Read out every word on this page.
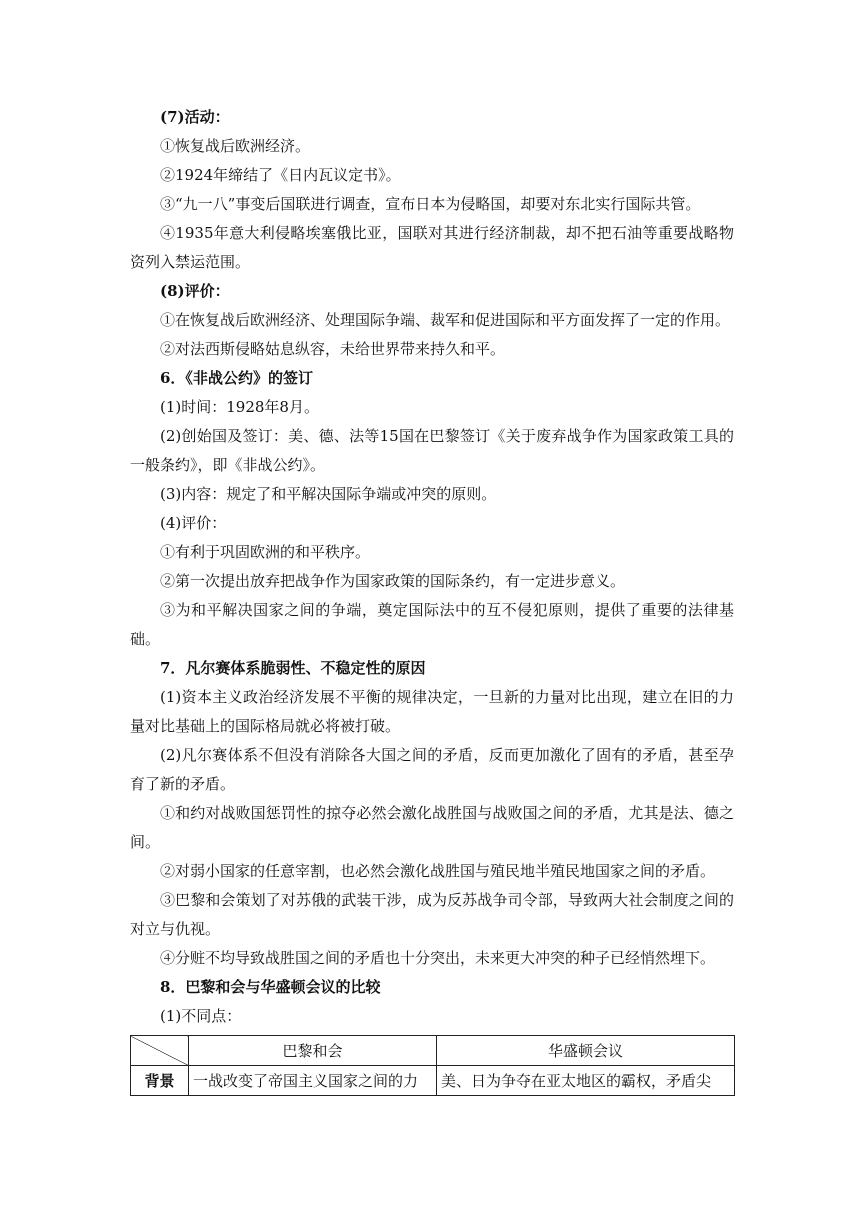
(7)活动：

①恢复战后欧洲经济。

②1924年缔结了《日内瓦议定书》。

③“九一八”事变后国联进行调查，宣布日本为侵略国，却要对东北实行国际共管。

④1935年意大利侵略埃塞俄比亚，国联对其进行经济制裁，却不把石油等重要战略物资列入禁运范围。

(8)评价：

①在恢复战后欧洲经济、处理国际争端、裁军和促进国际和平方面发挥了一定的作用。

②对法西斯侵略姑息纵容，未给世界带来持久和平。

6．《非战公约》的签订

(1)时间：1928年8月。

(2)创始国及签订：美、德、法等15国在巴黎签订《关于废弃战争作为国家政策工具的一般条约》，即《非战公约》。

(3)内容：规定了和平解决国际争端或冲突的原则。

(4)评价：

①有利于巩固欧洲的和平秩序。

②第一次提出放弃把战争作为国家政策的国际条约，有一定进步意义。

③为和平解决国家之间的争端，奠定国际法中的互不侵犯原则，提供了重要的法律基础。

7．凡尔赛体系脆弱性、不稳定性的原因

(1)资本主义政治经济发展不平衡的规律决定，一旦新的力量对比出现，建立在旧的力量对比基础上的国际格局就必将被打破。

(2)凡尔赛体系不但没有消除各大国之间的矛盾，反而更加激化了固有的矛盾，甚至孕育了新的矛盾。

①和约对战败国惩罚性的掠夺必然会激化战胜国与战败国之间的矛盾，尤其是法、德之间。

②对弱小国家的任意宰割，也必然会激化战胜国与殖民地半殖民地国家之间的矛盾。

③巴黎和会策划了对苏俄的武装干涉，成为反苏战争司令部，导致两大社会制度之间的对立与仇视。

④分赃不均导致战胜国之间的矛盾也十分突出，未来更大冲突的种子已经悄然埋下。

8．巴黎和会与华盛顿会议的比较

(1)不同点：

	巴黎和会	华盛顿会议
背景	一战改变了帝国主义国家之间的力	美、日为争夺在亚太地区的霸权，矛盾尖
